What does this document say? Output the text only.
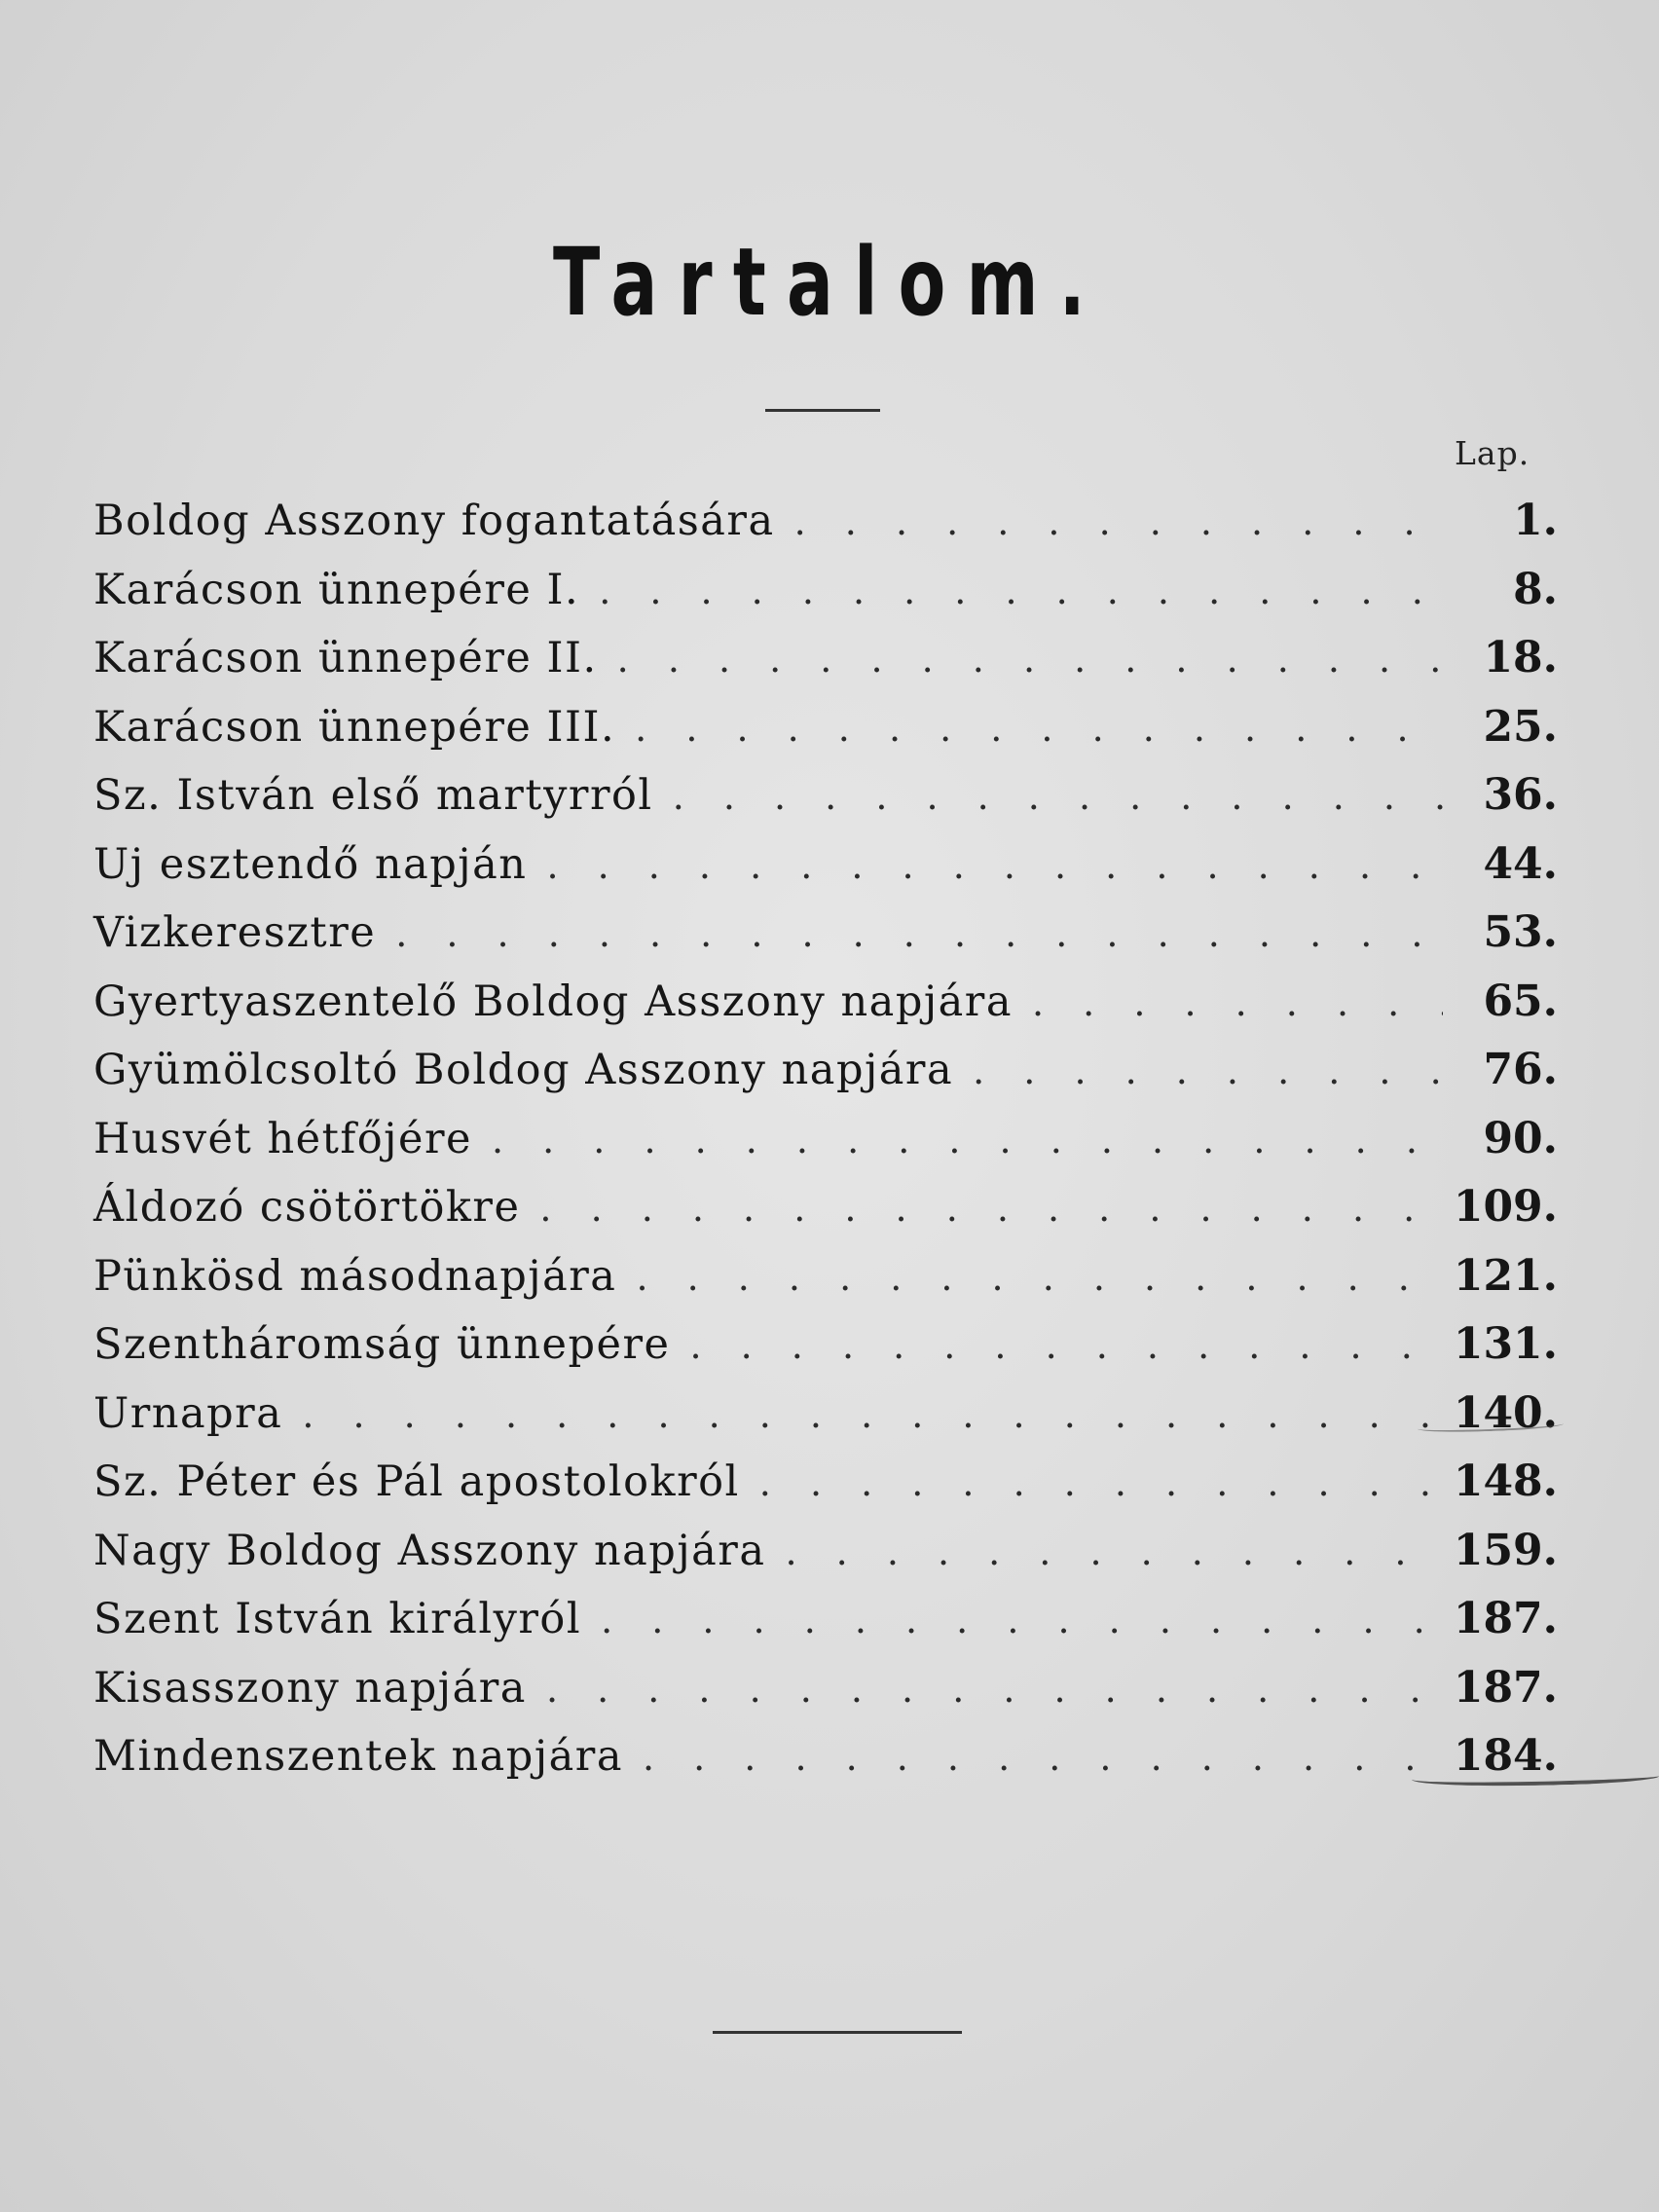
Tartalom.
Lap.
Boldog Asszony fogantatására . . .	1.
Karácson ünnepére I. . . .	8.
Karácson ünnepére II. . . .	18.
Karácson ünnepére III. . . .	25.
Sz. István első martyrról . . .	36.
Uj esztendő napján . . .	44.
Vizkeresztre . . .	53.
Gyertyaszentelő Boldog Asszony napjára . . .	65.
Gyümölcsoltó Boldog Asszony napjára . . .	76.
Husvét hétfőjére . . .	90.
Áldozó csötörtökre . . .	109.
Pünkösd másodnapjára . . .	121.
Szentháromság ünnepére . . .	131.
Urnapra . . .	140.
Sz. Péter és Pál apostolokról . . .	148.
Nagy Boldog Asszony napjára . . .	159.
Szent István királyról . . .	187.
Kisasszony napjára . . .	187.
Mindenszentek napjára . . .	184.
